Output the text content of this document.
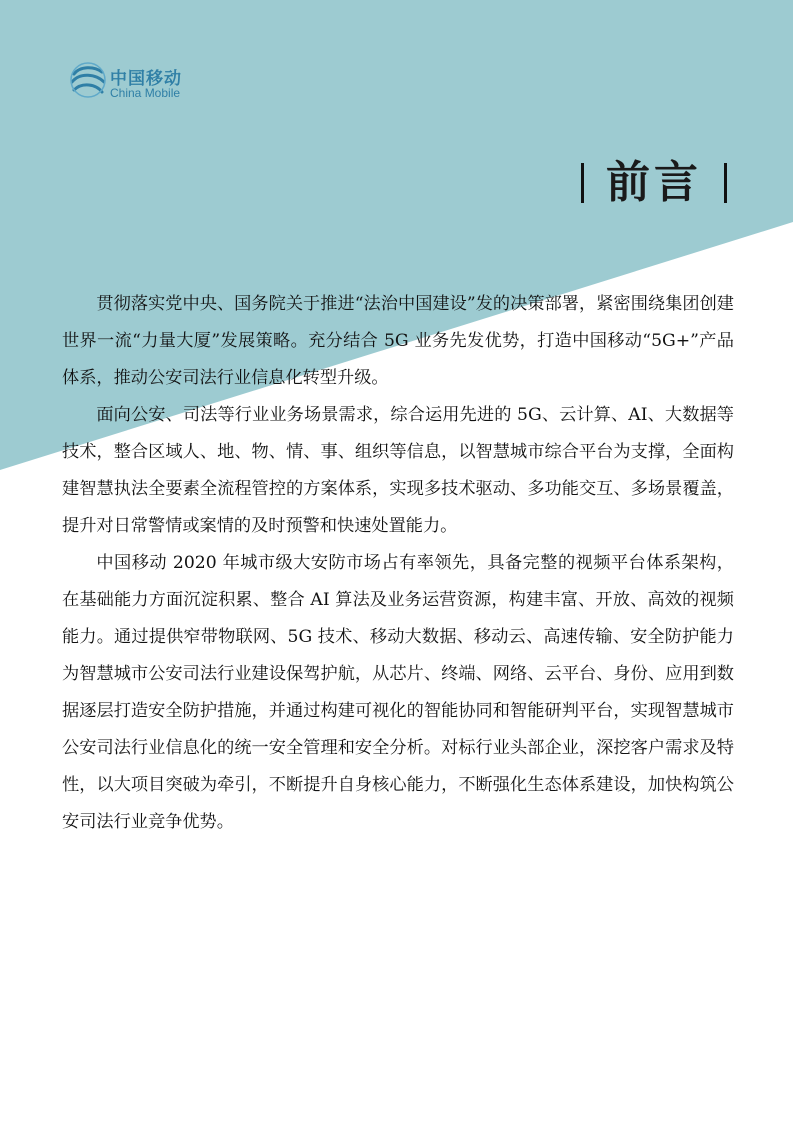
中国移动
China Mobile
前言

贯彻落实党中央、国务院关于推进“法治中国建设”发的决策部署，紧密围绕集团创建世界一流“力量大厦”发展策略。充分结合 5G 业务先发优势，打造中国移动“5G+”产品体系，推动公安司法行业信息化转型升级。

面向公安、司法等行业业务场景需求，综合运用先进的 5G、云计算、AI、大数据等技术，整合区域人、地、物、情、事、组织等信息，以智慧城市综合平台为支撑，全面构建智慧执法全要素全流程管控的方案体系，实现多技术驱动、多功能交互、多场景覆盖，提升对日常警情或案情的及时预警和快速处置能力。

中国移动 2020 年城市级大安防市场占有率领先，具备完整的视频平台体系架构，在基础能力方面沉淀积累、整合 AI 算法及业务运营资源，构建丰富、开放、高效的视频能力。通过提供窄带物联网、5G 技术、移动大数据、移动云、高速传输、安全防护能力为智慧城市公安司法行业建设保驾护航，从芯片、终端、网络、云平台、身份、应用到数据逐层打造安全防护措施，并通过构建可视化的智能协同和智能研判平台，实现智慧城市公安司法行业信息化的统一安全管理和安全分析。对标行业头部企业，深挖客户需求及特性，以大项目突破为牵引，不断提升自身核心能力，不断强化生态体系建设，加快构筑公安司法行业竞争优势。
